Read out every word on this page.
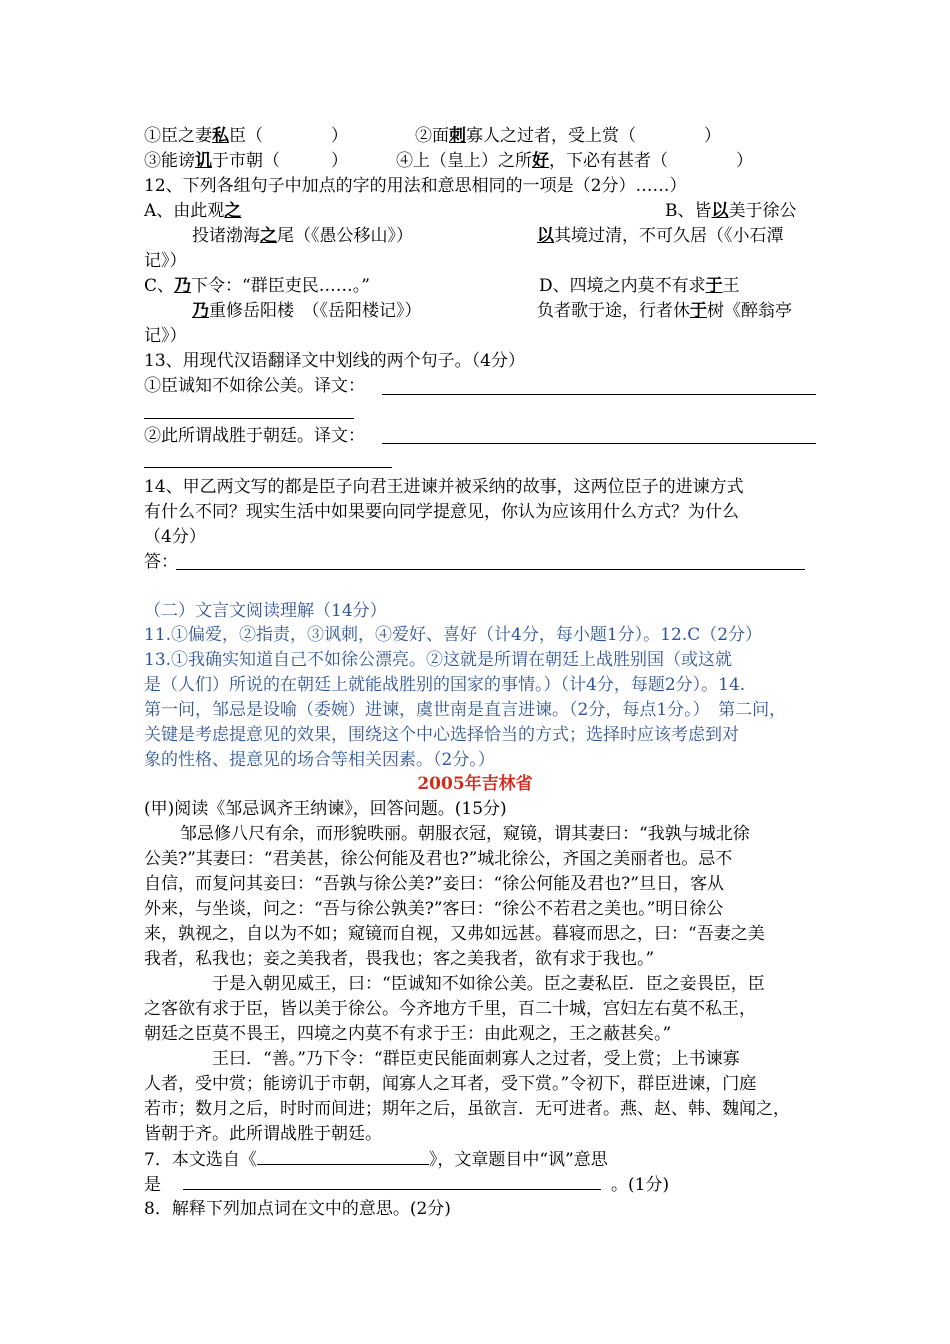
①臣之妻私臣（　　　　）	②面刺寡人之过者，受上赏（　　　　）
③能谤讥于市朝（　　　）	④上（皇上）之所好，下必有甚者（　　　　）
12、下列各组句子中加点的字的用法和意思相同的一项是（2分）……）
A、由此观之	B、皆以美于徐公
投诸渤海之尾（《愚公移山》）	以其境过清，不可久居（《小石潭
记》）
C、乃下令：“群臣吏民……。”	D、四境之内莫不有求于王
乃重修岳阳楼　（《岳阳楼记》）	负者歌于途，行者休于树《醉翁亭
记》）
13、用现代汉语翻译文中划线的两个句子。（4分）
①臣诚知不如徐公美。译文：
②此所谓战胜于朝廷。译文：
14、甲乙两文写的都是臣子向君王进谏并被采纳的故事，这两位臣子的进谏方式
有什么不同？现实生活中如果要向同学提意见，你认为应该用什么方式？为什么
（4分）
答：
（二）文言文阅读理解（14分）
11.①偏爱，②指责，③讽刺，④爱好、喜好（计4分，每小题1分）。12.C（2分）
13.①我确实知道自己不如徐公漂亮。②这就是所谓在朝廷上战胜别国（或这就
是（人们）所说的在朝廷上就能战胜别的国家的事情。）（计4分，每题2分）。14.
第一问，邹忌是设喻（委婉）进谏，虞世南是直言进谏。（2分，每点1分。）　第二问，
关键是考虑提意见的效果，围绕这个中心选择恰当的方式；选择时应该考虑到对
象的性格、提意见的场合等相关因素。（2分。）
2005年吉林省
(甲)阅读《邹忌讽齐王纳谏》，回答问题。(15分)
邹忌修八尺有余，而形貌昳丽。朝服衣冠，窥镜，谓其妻曰：“我孰与城北徐
公美?”其妻曰：“君美甚，徐公何能及君也?”城北徐公，齐国之美丽者也。忌不
自信，而复问其妾曰：“吾孰与徐公美?”妾曰：“徐公何能及君也?”旦日，客从
外来，与坐谈，问之：“吾与徐公孰美?”客曰：“徐公不若君之美也。”明日徐公
来，孰视之，自以为不如；窥镜而自视，又弗如远甚。暮寝而思之，曰：“吾妻之美
我者，私我也；妾之美我者，畏我也；客之美我者，欲有求于我也。”
于是入朝见威王，曰：“臣诚知不如徐公美。臣之妻私臣．臣之妾畏臣，臣
之客欲有求于臣，皆以美于徐公。今齐地方千里，百二十城，宫妇左右莫不私王，
朝廷之臣莫不畏王，四境之内莫不有求于王：由此观之，王之蔽甚矣。”
王曰．“善。”乃下令：“群臣吏民能面刺寡人之过者，受上赏；上书谏寡
人者，受中赏；能谤讥于市朝，闻寡人之耳者，受下赏。”令初下，群臣进谏，门庭
若市；数月之后，时时而间进；期年之后，虽欲言．无可进者。燕、赵、韩、魏闻之，
皆朝于齐。此所谓战胜于朝廷。
7．本文选自《	》，文章题目中“讽”意思
是	。(1分)
8．解释下列加点词在文中的意思。(2分)
